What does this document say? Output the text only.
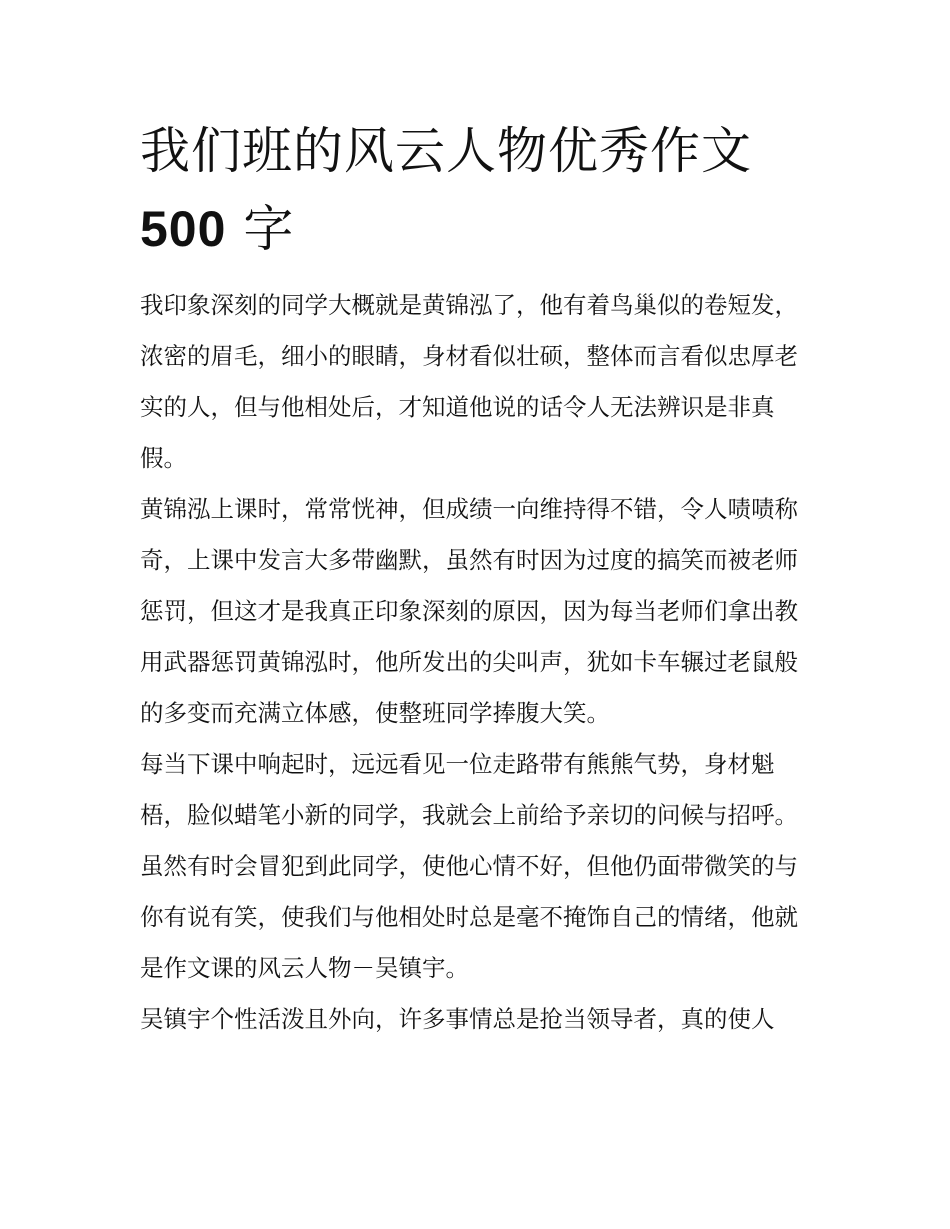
我们班的风云人物优秀作文
500 字

我印象深刻的同学大概就是黄锦泓了，他有着鸟巢似的卷短发，浓密的眉毛，细小的眼睛，身材看似壮硕，整体而言看似忠厚老实的人，但与他相处后，才知道他说的话令人无法辨识是非真假。

黄锦泓上课时，常常恍神，但成绩一向维持得不错，令人啧啧称奇，上课中发言大多带幽默，虽然有时因为过度的搞笑而被老师惩罚，但这才是我真正印象深刻的原因，因为每当老师们拿出教用武器惩罚黄锦泓时，他所发出的尖叫声，犹如卡车辗过老鼠般的多变而充满立体感，使整班同学捧腹大笑。

每当下课中响起时，远远看见一位走路带有熊熊气势，身材魁梧，脸似蜡笔小新的同学，我就会上前给予亲切的问候与招呼。虽然有时会冒犯到此同学，使他心情不好，但他仍面带微笑的与你有说有笑，使我们与他相处时总是毫不掩饰自己的情绪，他就是作文课的风云人物－吴镇宇。

吴镇宇个性活泼且外向，许多事情总是抢当领导者，真的使人
